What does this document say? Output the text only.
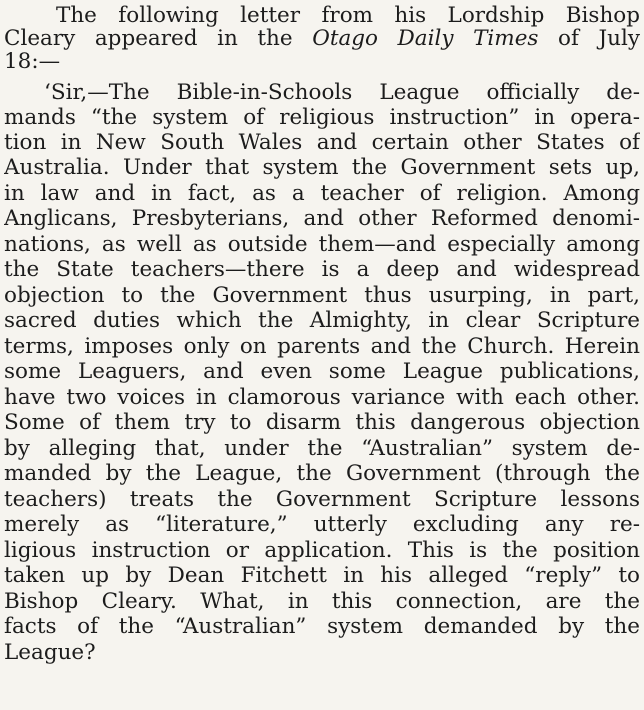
The following letter from his Lordship Bishop
Cleary appeared in the Otago Daily Times of July
18:—
‘Sir,—The Bible-in-Schools League officially de-
mands “the system of religious instruction” in opera-
tion in New South Wales and certain other States of
Australia. Under that system the Government sets up,
in law and in fact, as a teacher of religion. Among
Anglicans, Presbyterians, and other Reformed denomi-
nations, as well as outside them—and especially among
the State teachers—there is a deep and widespread
objection to the Government thus usurping, in part,
sacred duties which the Almighty, in clear Scripture
terms, imposes only on parents and the Church. Herein
some Leaguers, and even some League publications,
have two voices in clamorous variance with each other.
Some of them try to disarm this dangerous objection
by alleging that, under the “Australian” system de-
manded by the League, the Government (through the
teachers) treats the Government Scripture lessons
merely as “literature,” utterly excluding any re-
ligious instruction or application. This is the position
taken up by Dean Fitchett in his alleged “reply” to
Bishop Cleary. What, in this connection, are the
facts of the “Australian” system demanded by the
League?
